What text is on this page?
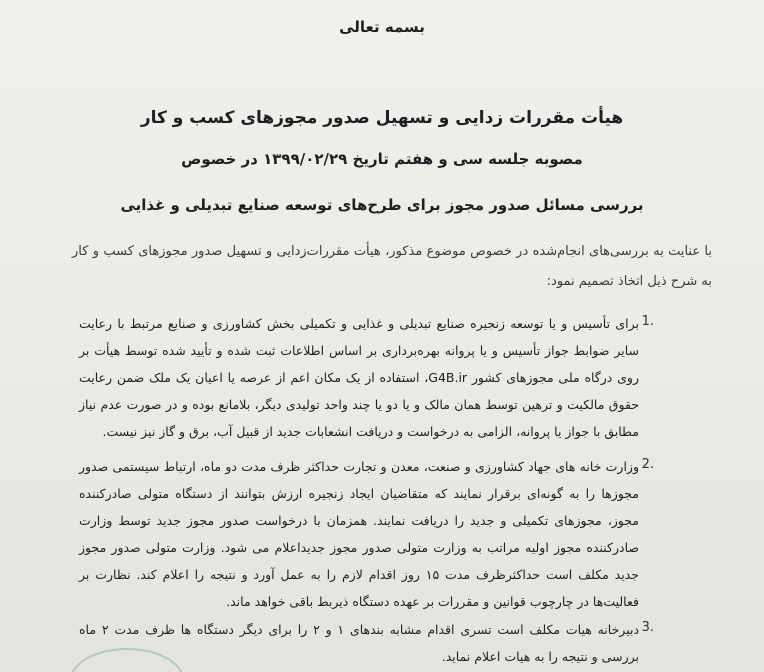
بسمه تعالی
هیأت مقررات زدایی و تسهیل صدور مجوزهای کسب و کار
مصوبه جلسه سی و هفتم تاریخ ۱۳۹۹/۰۲/۲۹ در خصوص
بررسی مسائل صدور مجوز برای طرح‌های توسعه صنایع تبدیلی و غذایی
با عنایت به بررسی‌های انجام‌شده در خصوص موضوع مذکور، هیأت مقررات‌زدایی و تسهیل صدور مجوزهای کسب و کار به شرح ذیل اتخاذ تصمیم نمود:
1.
برای تأسیس و یا توسعه زنجیره صنایع تبدیلی و غذایی و تکمیلی بخش کشاورزی و صنایع مرتبط با رعایت سایر ضوابط جواز تأسیس و یا پروانه بهره‌برداری بر اساس اطلاعات ثبت شده و تأیید شده توسط هیأت بر روی درگاه ملی مجوزهای کشور G4B.ir، استفاده از یک مکان اعم از عرصه یا اعیان یک ملک ضمن رعایت حقوق مالکیت و ترهین توسط همان مالک و یا دو یا چند واحد تولیدی دیگر، بلامانع بوده و در صورت عدم نیاز مطابق با جواز یا پروانه، الزامی به درخواست و دریافت انشعابات جدید از قبیل آب، برق و گاز نیز نیست.
2.
وزارت خانه های جهاد کشاورزی و صنعت، معدن و تجارت حداکثر ظرف مدت دو ماه، ارتباط سیستمی صدور مجوزها را به گونه‌ای برقرار نمایند که متقاضیان ایجاد زنجیره ارزش بتوانند از دستگاه متولی صادرکننده مجوز، مجوزهای تکمیلی و جدید را دریافت نمایند. همزمان با درخواست صدور مجوز جدید توسط وزارت صادرکننده مجوز اولیه مراتب به وزارت متولی صدور مجوز جدیداعلام می شود. وزارت متولی صدور مجوز جدید مکلف است حداکثرظرف مدت ۱۵ روز اقدام لازم را به عمل آورد و نتیجه را اعلام کند. نظارت بر فعالیت‌ها در چارچوب قوانین و مقررات بر عهده دستگاه ذیربط باقی خواهد ماند.
3.
دبیرخانه هیات مکلف است تسری اقدام مشابه بندهای ۱ و ۲ را برای دیگر دستگاه ها ظرف مدت ۲ ماه بررسی و نتیجه را به هیات اعلام نماید.
